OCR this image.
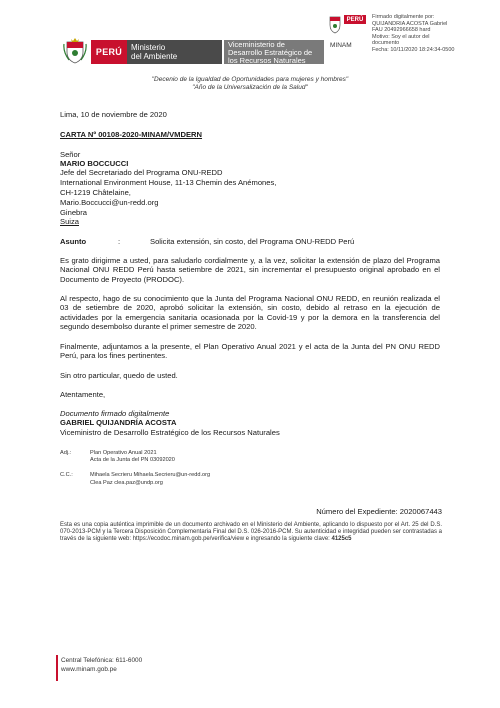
PERÚ	Ministerio
del Ambiente
Viceministerio de
Desarrollo Estratégico de
los Recursos Naturales
PERÚ
MINAM
Firmado digitalmente por:
QUIJANDRIA ACOSTA Gabriel
FAU 20492966658 hard
Motivo: Soy el autor del
documento
Fecha: 10/11/2020 18:24:34-0500
"Decenio de la Igualdad de Oportunidades para mujeres y hombres"
"Año de la Universalización de la Salud"
Lima, 10 de noviembre de 2020
CARTA Nº 00108-2020-MINAM/VMDERN
Señor
MARIO BOCCUCCI
Jefe del Secretariado del Programa ONU-REDD
International Environment House, 11-13 Chemin des Anémones,
CH-1219 Châtelaine,
Mario.Boccucci@un-redd.org
Ginebra
Suiza
Asunto	:	Solicita extensión, sin costo, del Programa ONU-REDD Perú
Es grato dirigirme a usted, para saludarlo cordialmente y, a la vez, solicitar la extensión de plazo del Programa Nacional ONU REDD Perú hasta setiembre de 2021, sin incrementar el presupuesto original aprobado en el Documento de Proyecto (PRODOC).
Al respecto, hago de su conocimiento que la Junta del Programa Nacional ONU REDD, en reunión realizada el 03 de setiembre de 2020, aprobó solicitar la extensión, sin costo, debido al retraso en la ejecución de actividades por la emergencia sanitaria ocasionada por la Covid-19 y por la demora en la transferencia del segundo desembolso durante el primer semestre de 2020.
Finalmente, adjuntamos a la presente, el Plan Operativo Anual 2021 y el acta de la Junta del PN ONU REDD Perú, para los fines pertinentes.
Sin otro particular, quedo de usted.
Atentamente,
Documento firmado digitalmente
GABRIEL QUIJANDRÍA ACOSTA
Viceministro de Desarrollo Estratégico de los Recursos Naturales
Adj.:	Plan Operativo Anual 2021
Acta de la Junta del PN 03092020
C.C.:	Mihaela Secrieru Mihaela.Secrieru@un-redd.org
Clea Paz clea.paz@undp.org
Número del Expediente: 2020067443
Esta es una copia auténtica imprimible de un documento archivado en el Ministerio del Ambiente, aplicando lo dispuesto por el Art. 25 del D.S. 070-2013-PCM y la Tercera Disposición Complementaria Final del D.S. 026-2016-PCM. Su autenticidad e integridad pueden ser contrastadas a través de la siguiente web: https://ecodoc.minam.gob.pe/verifica/view e ingresando la siguiente clave: 4125c5
Central Telefónica: 611-6000
www.minam.gob.pe
